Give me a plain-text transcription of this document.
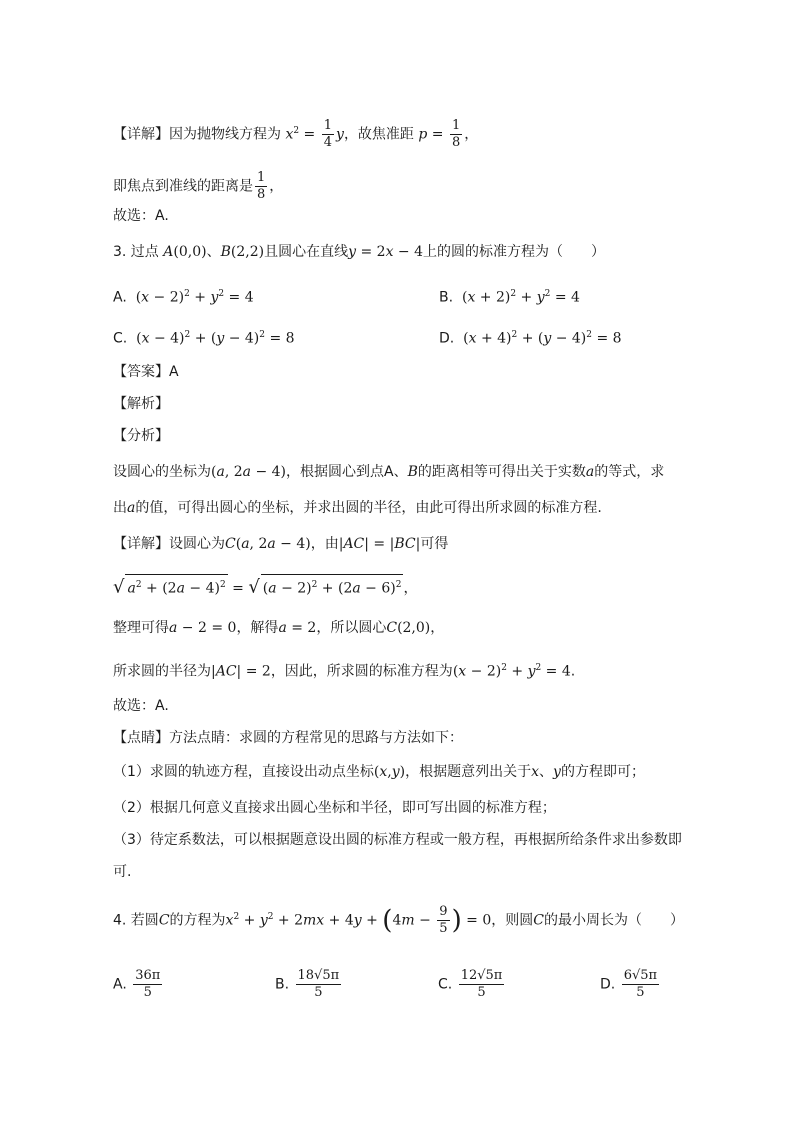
【详解】因为抛物线方程为 $x^2 = \frac{1}{4}$ y，故焦准距 $p = \frac{1}{8}$ ，
即焦点到准线的距离是 $\frac{1}{8}$ ，
故选：A.
3. 过点 A(0,0)、B(2,2)且圆心在直线y = 2x − 4上的圆的标准方程为（　　）
A. $(x - 2)^2 + y^2 = 4$	B. $(x + 2)^2 + y^2 = 4$
C. $(x - 4)^2 + (y - 4)^2 = 8$	D. $(x + 4)^2 + (y - 4)^2 = 8$
【答案】A
【解析】
【分析】
设圆心的坐标为(a, 2a − 4)，根据圆心到点A、B的距离相等可得出关于实数a的等式，求
出a的值，可得出圆心的坐标，并求出圆的半径，由此可得出所求圆的标准方程.
【详解】设圆心为C(a, 2a − 4)，由|AC| = |BC|可得
√ $a^2 + (2a - 4)^2$ = √ $(a - 2)^2 + (2a - 6)^2$ ，
整理可得a − 2 = 0，解得a = 2，所以圆心C(2,0)，
所求圆的半径为|AC| = 2，因此，所求圆的标准方程为$(x - 2)^2 + y^2 = 4$.
故选：A.
【点睛】方法点睛：求圆的方程常见的思路与方法如下：
（1）求圆的轨迹方程，直接设出动点坐标(x,y)，根据题意列出关于x、y的方程即可；
（2）根据几何意义直接求出圆心坐标和半径，即可写出圆的标准方程；
（3）待定系数法，可以根据题意设出圆的标准方程或一般方程，再根据所给条件求出参数即
可.
4. 若圆C的方程为$x^2 + y^2 + 2mx + 4y + (4m - \frac{9}{5}$ ) = 0，则圆C的最小周长为（　　）
A. $\frac{36\pi}{5}$	B. $\frac{18√5\pi}{5}$	C. $\frac{12√5\pi}{5}$	D. $\frac{6√5\pi}{5}$
